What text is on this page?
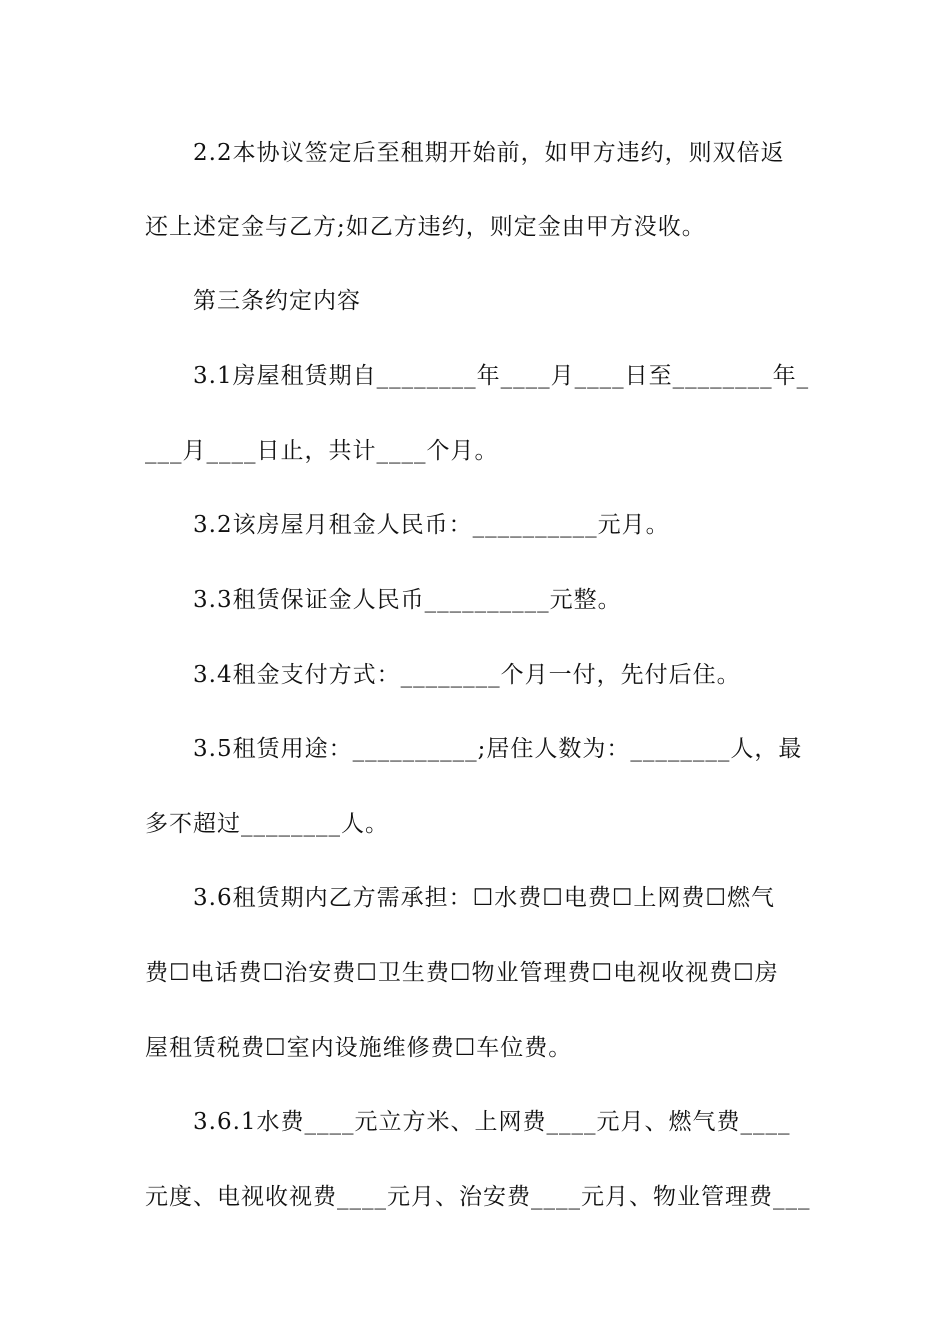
2.2本协议签定后至租期开始前，如甲方违约，则双倍返
还上述定金与乙方;如乙方违约，则定金由甲方没收。
第三条约定内容
3.1房屋租赁期自________年____月____日至________年_
___月____日止，共计____个月。
3.2该房屋月租金人民币：__________元月。
3.3租赁保证金人民币__________元整。
3.4租金支付方式：________个月一付，先付后住。
3.5租赁用途：__________;居住人数为：________人，最
多不超过________人。
3.6租赁期内乙方需承担：☐水费☐电费☐上网费☐燃气
费☐电话费☐治安费☐卫生费☐物业管理费☐电视收视费☐房
屋租赁税费☐室内设施维修费☐车位费。
3.6.1水费____元立方米、上网费____元月、燃气费____
元度、电视收视费____元月、治安费____元月、物业管理费___
